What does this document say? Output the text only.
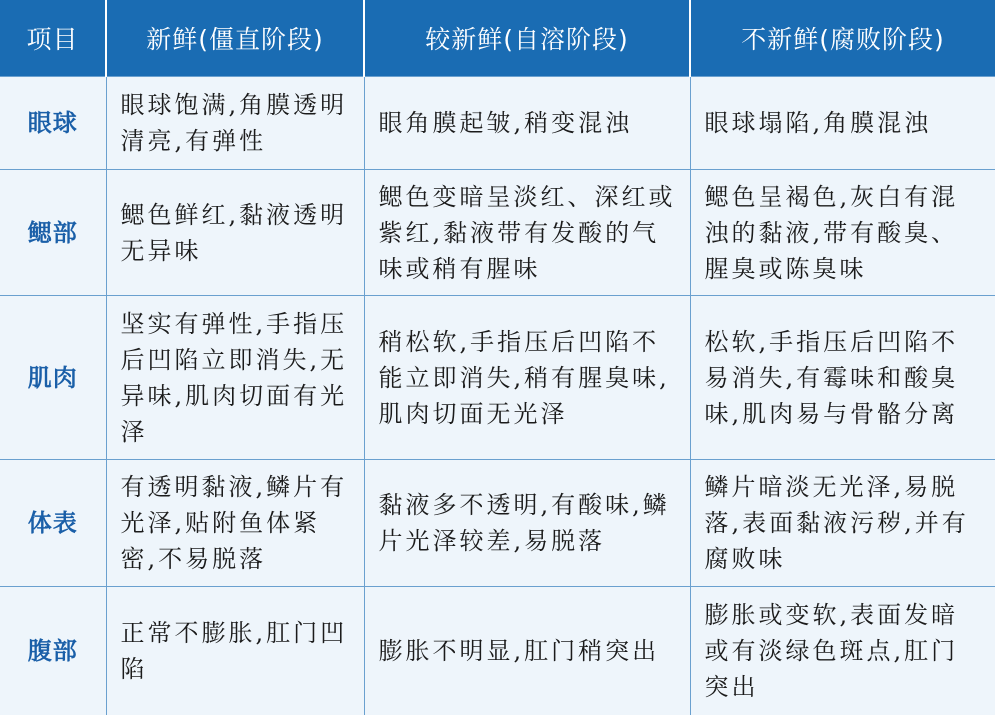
项目	新鲜(僵直阶段)	较新鲜(自溶阶段)	不新鲜(腐败阶段)
眼球	眼球饱满,角膜透明清亮,有弹性	眼角膜起皱,稍变混浊	眼球塌陷,角膜混浊
鳃部	鳃色鲜红,黏液透明无异味	鳃色变暗呈淡红、深红或紫红,黏液带有发酸的气味或稍有腥味	鳃色呈褐色,灰白有混浊的黏液,带有酸臭、腥臭或陈臭味
肌肉	坚实有弹性,手指压后凹陷立即消失,无异味,肌肉切面有光泽	稍松软,手指压后凹陷不能立即消失,稍有腥臭味,肌肉切面无光泽	松软,手指压后凹陷不易消失,有霉味和酸臭味,肌肉易与骨骼分离
体表	有透明黏液,鳞片有光泽,贴附鱼体紧密,不易脱落	黏液多不透明,有酸味,鳞片光泽较差,易脱落	鳞片暗淡无光泽,易脱落,表面黏液污秽,并有腐败味
腹部	正常不膨胀,肛门凹陷	膨胀不明显,肛门稍突出	膨胀或变软,表面发暗或有淡绿色斑点,肛门突出
